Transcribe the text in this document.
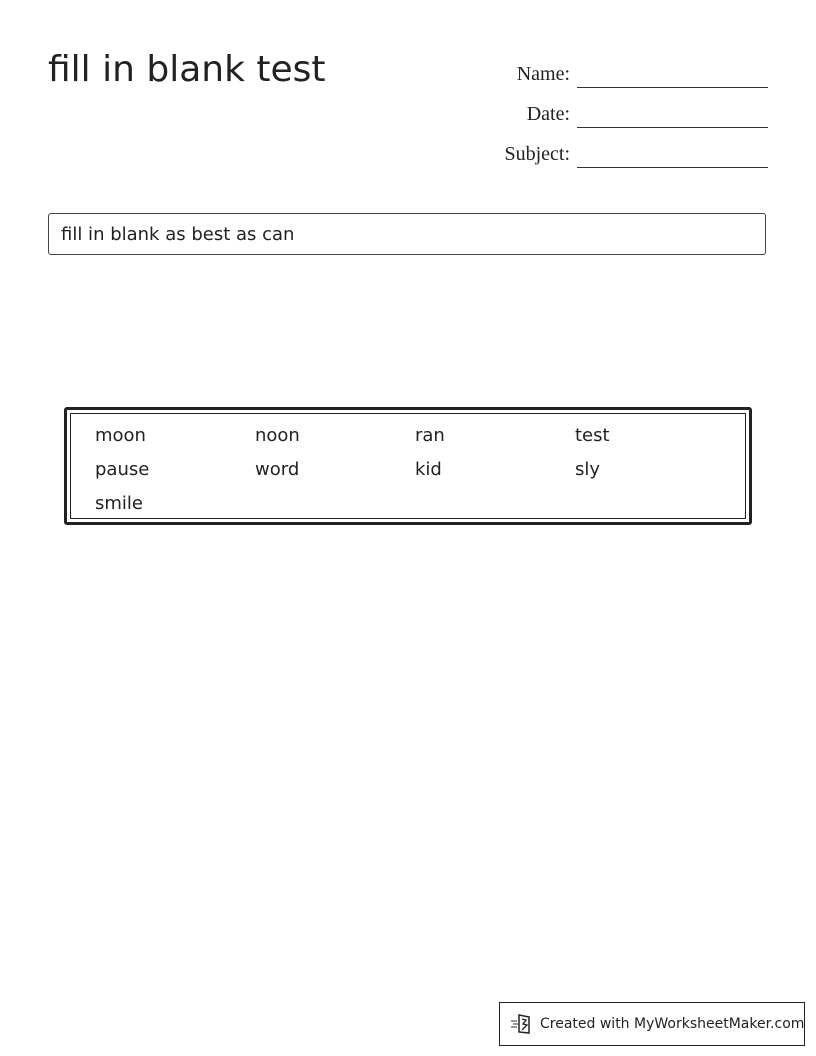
fill in blank test	Name:
Date:
Subject:
fill in blank as best as can
moon	noon	ran	test
pause	word	kid	sly
smile
Created with MyWorksheetMaker.com
